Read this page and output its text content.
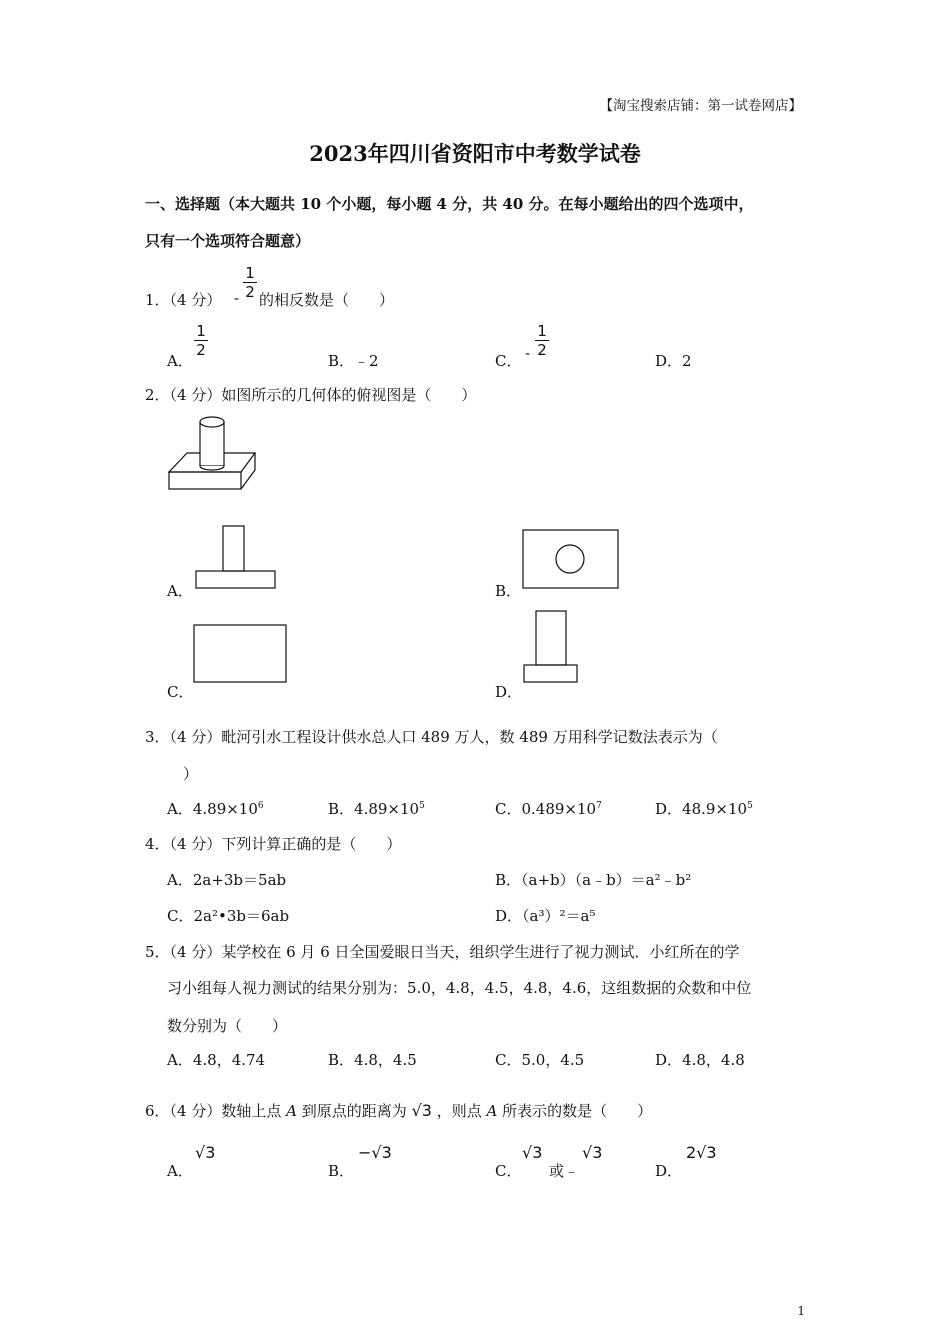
【淘宝搜索店铺：第一试卷网店】
2023年四川省资阳市中考数学试卷
一、选择题（本大题共 10 个小题，每小题 4 分，共 40 分。在每小题给出的四个选项中，
只有一个选项符合题意）
1．（4 分） -
1
2 的相反数是（　　）
A．
1
2
B．﹣2	C． -
1
2
D．2
2．（4 分）如图所示的几何体的俯视图是（　　）
A．	B．
C．	D．
3．（4 分）毗河引水工程设计供水总人口 489 万人，数 489 万用科学记数法表示为（
）
A．$4.89\times 10^6$	B．$4.89\times 10^5$	C．$0.489\times 10^7$	D．$48.9\times 10^5$
4．（4 分）下列计算正确的是（　　）
A．2a+3b＝5ab	B．（a+b）（a﹣b）＝a²﹣b²
C．2a²•3b＝6ab	D．（a³）²＝a⁵
5．（4 分）某学校在 6 月 6 日全国爱眼日当天，组织学生进行了视力测试．小红所在的学
习小组每人视力测试的结果分别为：5.0，4.8，4.5，4.8，4.6，这组数据的众数和中位
数分别为（　　）
A．4.8，4.74	B．4.8，4.5	C．5.0，4.5	D．4.8，4.8
6．（4 分）数轴上点 A 到原点的距离为 √3 ，则点 A 所表示的数是（　　）
A．
√3
B．
−√3
C．
√3
或﹣
√3
D．
2√3
1
